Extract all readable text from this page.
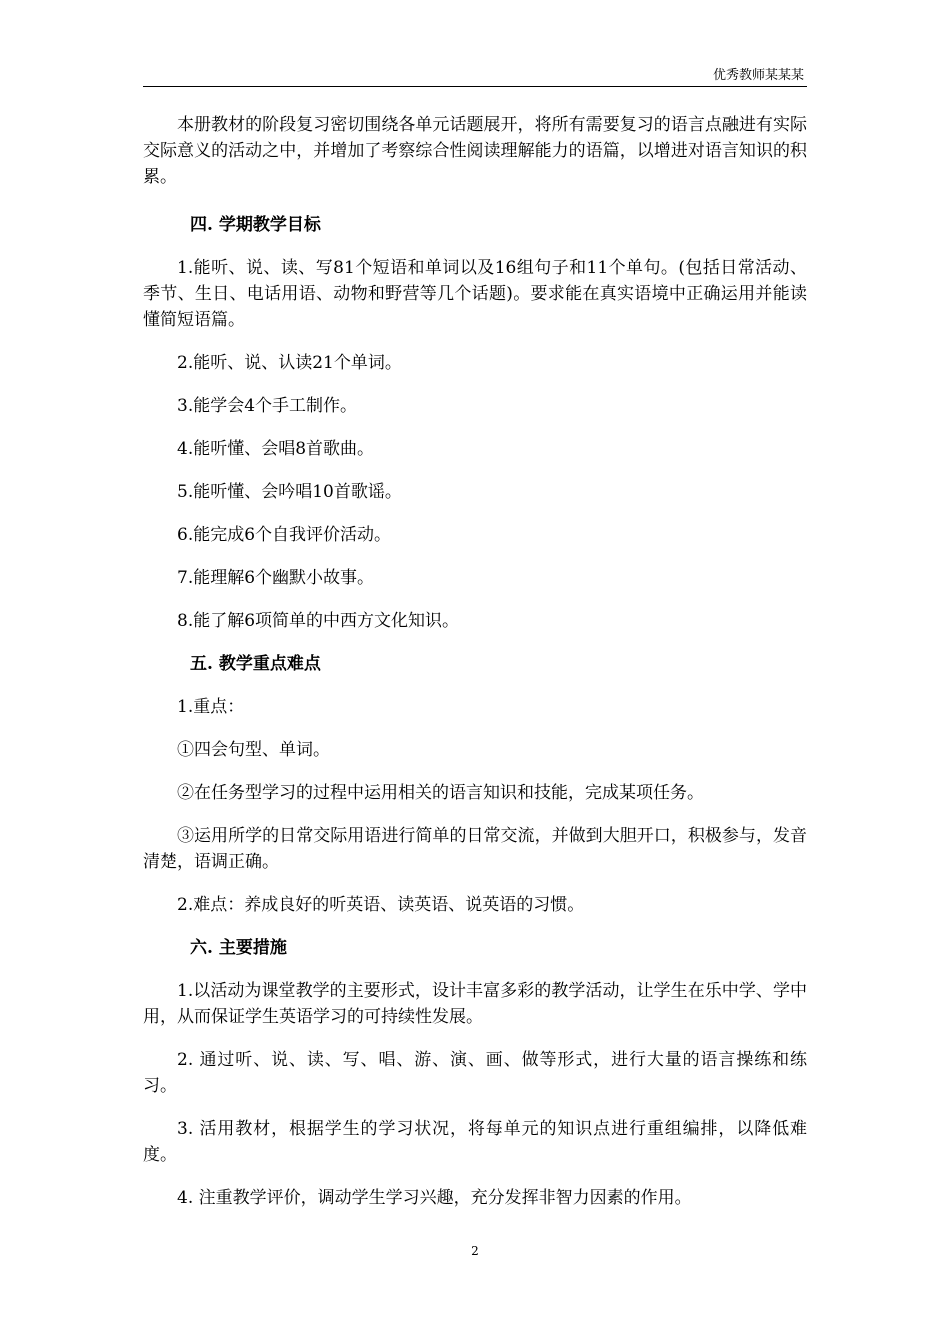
优秀教师某某某

本册教材的阶段复习密切围绕各单元话题展开，将所有需要复习的语言点融进有实际交际意义的活动之中，并增加了考察综合性阅读理解能力的语篇，以增进对语言知识的积累。

四. 学期教学目标

1.能听、说、读、写81个短语和单词以及16组句子和11个单句。(包括日常活动、季节、生日、电话用语、动物和野营等几个话题)。要求能在真实语境中正确运用并能读懂简短语篇。

2.能听、说、认读21个单词。

3.能学会4个手工制作。

4.能听懂、会唱8首歌曲。

5.能听懂、会吟唱10首歌谣。

6.能完成6个自我评价活动。

7.能理解6个幽默小故事。

8.能了解6项简单的中西方文化知识。

五. 教学重点难点

1.重点：

①四会句型、单词。

②在任务型学习的过程中运用相关的语言知识和技能，完成某项任务。

③运用所学的日常交际用语进行简单的日常交流，并做到大胆开口，积极参与，发音清楚，语调正确。

2.难点：养成良好的听英语、读英语、说英语的习惯。

六. 主要措施

1.以活动为课堂教学的主要形式，设计丰富多彩的教学活动，让学生在乐中学、学中用，从而保证学生英语学习的可持续性发展。

2. 通过听、说、读、写、唱、游、演、画、做等形式，进行大量的语言操练和练习。

3. 活用教材，根据学生的学习状况，将每单元的知识点进行重组编排，以降低难度。

4. 注重教学评价，调动学生学习兴趣，充分发挥非智力因素的作用。

2
